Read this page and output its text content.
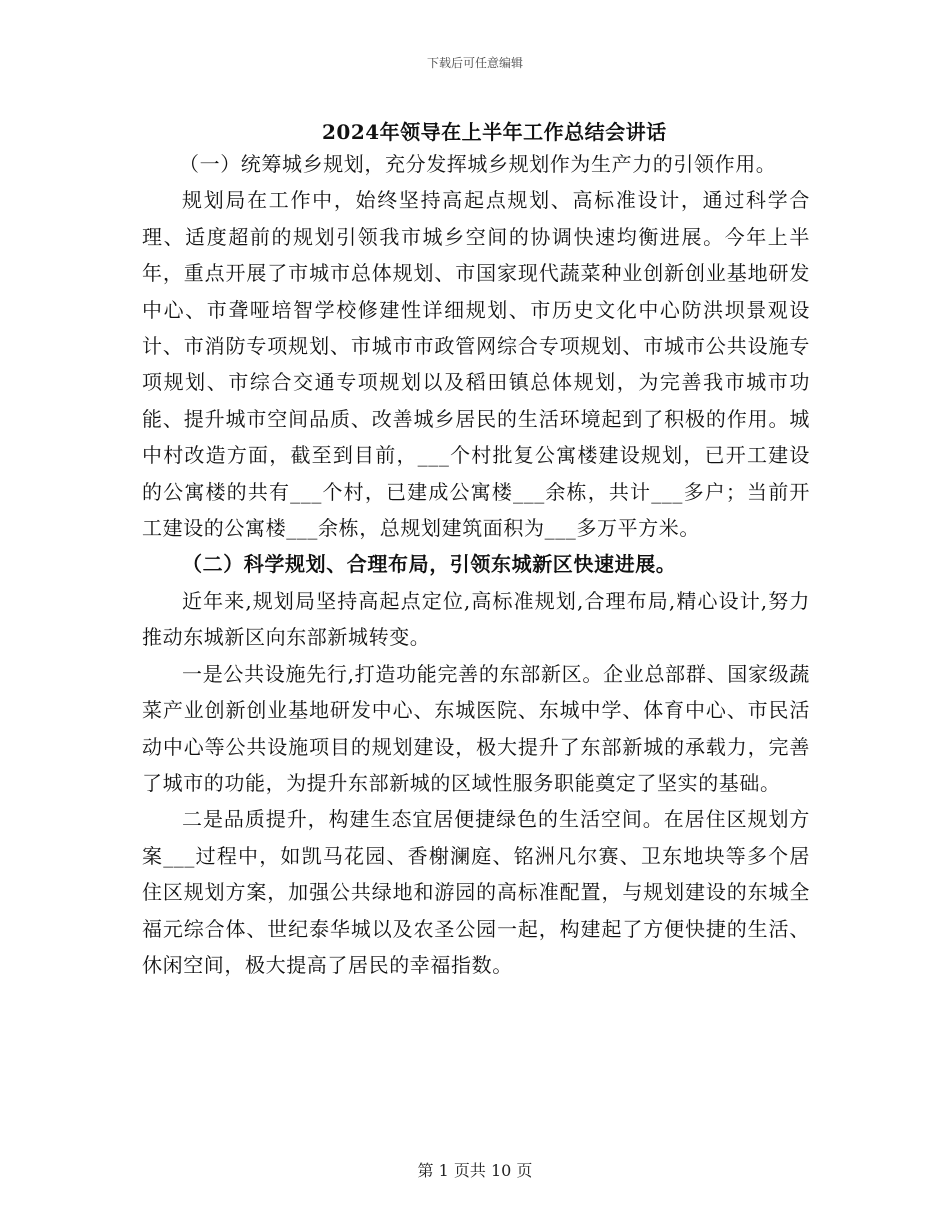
下载后可任意编辑
2024年领导在上半年工作总结会讲话

（一）统筹城乡规划，充分发挥城乡规划作为生产力的引领作用。

规划局在工作中，始终坚持高起点规划、高标准设计，通过科学合理、适度超前的规划引领我市城乡空间的协调快速均衡进展。今年上半年，重点开展了市城市总体规划、市国家现代蔬菜种业创新创业基地研发中心、市聋哑培智学校修建性详细规划、市历史文化中心防洪坝景观设计、市消防专项规划、市城市市政管网综合专项规划、市城市公共设施专项规划、市综合交通专项规划以及稻田镇总体规划，为完善我市城市功能、提升城市空间品质、改善城乡居民的生活环境起到了积极的作用。城中村改造方面，截至到目前，___个村批复公寓楼建设规划，已开工建设的公寓楼的共有___个村，已建成公寓楼___余栋，共计___多户；当前开工建设的公寓楼___余栋，总规划建筑面积为___多万平方米。

（二）科学规划、合理布局，引领东城新区快速进展。

近年来,规划局坚持高起点定位,高标准规划,合理布局,精心设计,努力推动东城新区向东部新城转变。

一是公共设施先行,打造功能完善的东部新区。企业总部群、国家级蔬菜产业创新创业基地研发中心、东城医院、东城中学、体育中心、市民活动中心等公共设施项目的规划建设，极大提升了东部新城的承载力，完善了城市的功能，为提升东部新城的区域性服务职能奠定了坚实的基础。

二是品质提升，构建生态宜居便捷绿色的生活空间。在居住区规划方案___过程中，如凯马花园、香榭澜庭、铭洲凡尔赛、卫东地块等多个居住区规划方案，加强公共绿地和游园的高标准配置，与规划建设的东城全福元综合体、世纪泰华城以及农圣公园一起，构建起了方便快捷的生活、休闲空间，极大提高了居民的幸福指数。

第 1 页共 10 页
